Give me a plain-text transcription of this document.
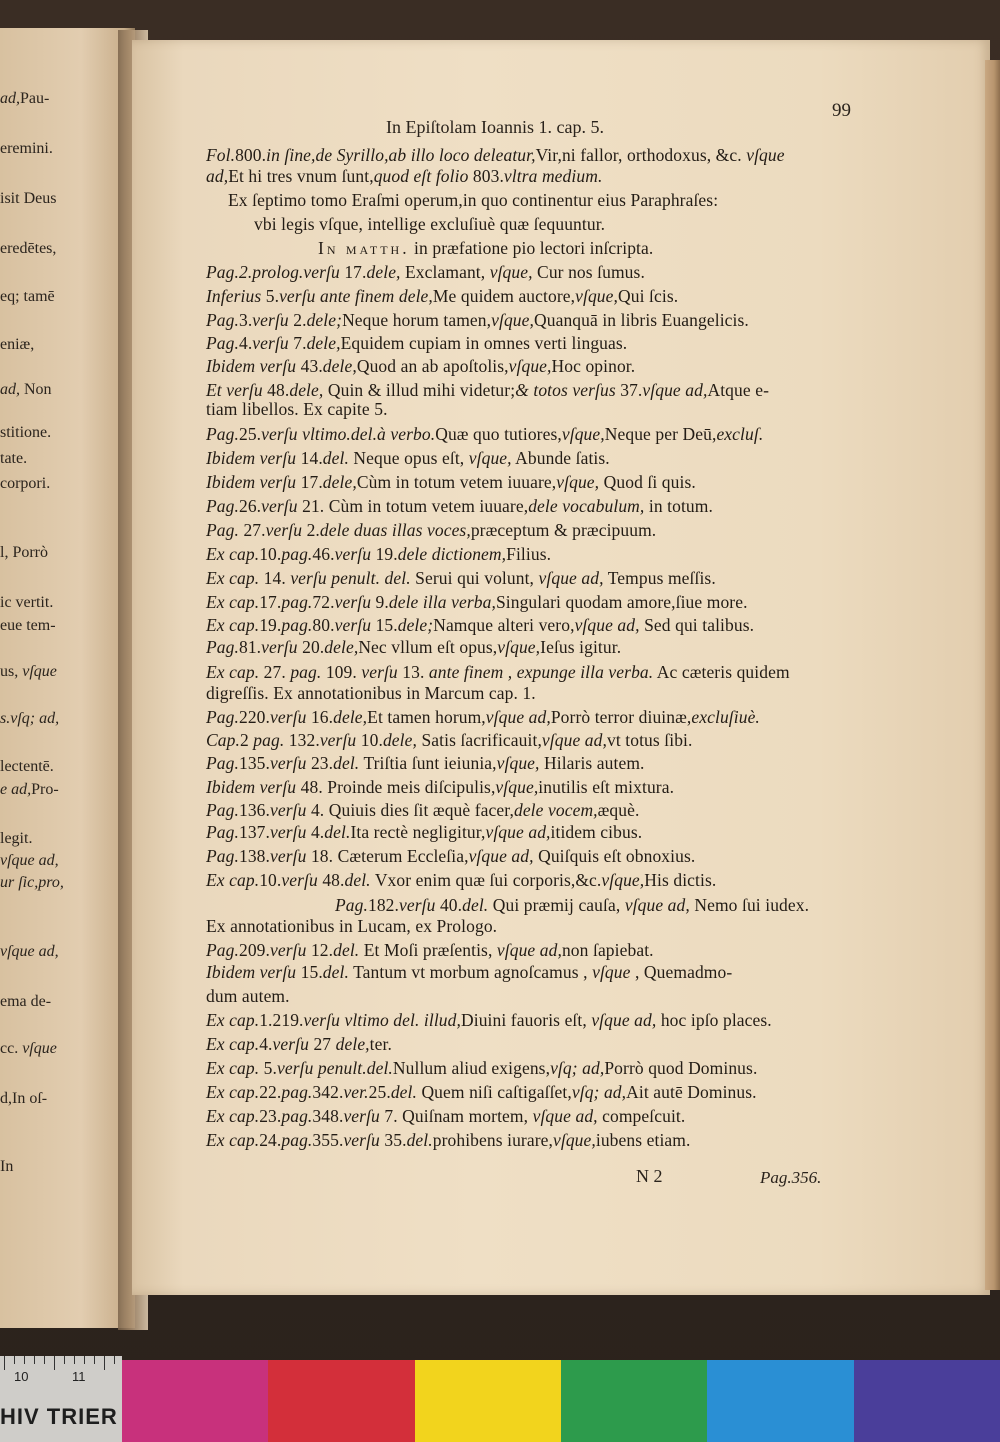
ad,Pau-
eremini.
isit Deus
eredētes,
eq; tamē
eniæ,
ad, Non
stitione.
tate.
corpori.
l, Porrò
ic vertit.
eue tem-
us, vſque
s.vſq; ad,
lectentē.
e ad,Pro-
legit.
vſque ad,
ur ſic,pro,
vſque ad,
ema de-
cc. vſque
d,In oſ-
In
99
In Epiſtolam Ioannis 1. cap. 5.
Fol.800.in ſine,de Syrillo,ab illo loco deleatur,Vir,ni fallor, orthodoxus, &c. vſque
ad,Et hi tres vnum ſunt,quod eſt folio 803.vltra medium.
Ex ſeptimo tomo Eraſmi operum,in quo continentur eius Paraphraſes:
vbi legis vſque, intellige excluſiuè quæ ſequuntur.
In matth. in præfatione pio lectori inſcripta.
Pag.2.prolog.verſu 17.dele, Exclamant, vſque, Cur nos ſumus.
Inferius 5.verſu ante finem dele,Me quidem auctore,vſque,Qui ſcis.
Pag.3.verſu 2.dele;Neque horum tamen,vſque,Quanquā in libris Euangelicis.
Pag.4.verſu 7.dele,Equidem cupiam in omnes verti linguas.
Ibidem verſu 43.dele,Quod an ab apoſtolis,vſque,Hoc opinor.
Et verſu 48.dele, Quin & illud mihi videtur;& totos verſus 37.vſque ad,Atque e-
tiam libellos. Ex capite 5.
Pag.25.verſu vltimo.del.à verbo.Quæ quo tutiores,vſque,Neque per Deū,excluſ.
Ibidem verſu 14.del. Neque opus eſt, vſque, Abunde ſatis.
Ibidem verſu 17.dele,Cùm in totum vetem iuuare,vſque, Quod ſi quis.
Pag.26.verſu 21. Cùm in totum vetem iuuare,dele vocabulum, in totum.
Pag. 27.verſu 2.dele duas illas voces,præceptum & præcipuum.
Ex cap.10.pag.46.verſu 19.dele dictionem,Filius.
Ex cap. 14. verſu penult. del. Serui qui volunt, vſque ad, Tempus meſſis.
Ex cap.17.pag.72.verſu 9.dele illa verba,Singulari quodam amore,ſiue more.
Ex cap.19.pag.80.verſu 15.dele;Namque alteri vero,vſque ad, Sed qui talibus.
Pag.81.verſu 20.dele,Nec vllum eſt opus,vſque,Ieſus igitur.
Ex cap. 27. pag. 109. verſu 13. ante finem , expunge illa verba. Ac cæteris quidem
digreſſis. Ex annotationibus in Marcum cap. 1.
Pag.220.verſu 16.dele,Et tamen horum,vſque ad,Porrò terror diuinæ,excluſiuè.
Cap.2 pag. 132.verſu 10.dele, Satis ſacrificauit,vſque ad,vt totus ſibi.
Pag.135.verſu 23.del. Triſtia ſunt ieiunia,vſque, Hilaris autem.
Ibidem verſu 48. Proinde meis diſcipulis,vſque,inutilis eſt mixtura.
Pag.136.verſu 4. Quiuis dies ſit æquè facer,dele vocem,æquè.
Pag.137.verſu 4.del.Ita rectè negligitur,vſque ad,itidem cibus.
Pag.138.verſu 18. Cæterum Eccleſia,vſque ad, Quiſquis eſt obnoxius.
Ex cap.10.verſu 48.del. Vxor enim quæ ſui corporis,&c.vſque,His dictis.
Pag.182.verſu 40.del. Qui præmij cauſa, vſque ad, Nemo ſui iudex.
Ex annotationibus in Lucam, ex Prologo.
Pag.209.verſu 12.del. Et Moſi præſentis, vſque ad,non ſapiebat.
Ibidem verſu 15.del. Tantum vt morbum agnoſcamus , vſque , Quemadmo-
dum autem.
Ex cap.1.219.verſu vltimo del. illud,Diuini fauoris eſt, vſque ad, hoc ipſo places.
Ex cap.4.verſu 27 dele,ter.
Ex cap. 5.verſu penult.del.Nullum aliud exigens,vſq; ad,Porrò quod Dominus.
Ex cap.22.pag.342.ver.25.del. Quem niſi caſtigaſſet,vſq; ad,Ait autē Dominus.
Ex cap.23.pag.348.verſu 7. Quiſnam mortem, vſque ad, compeſcuit.
Ex cap.24.pag.355.verſu 35.del.prohibens iurare,vſque,iubens etiam.
N 2	Pag.356.
10	11
HIV TRIER
